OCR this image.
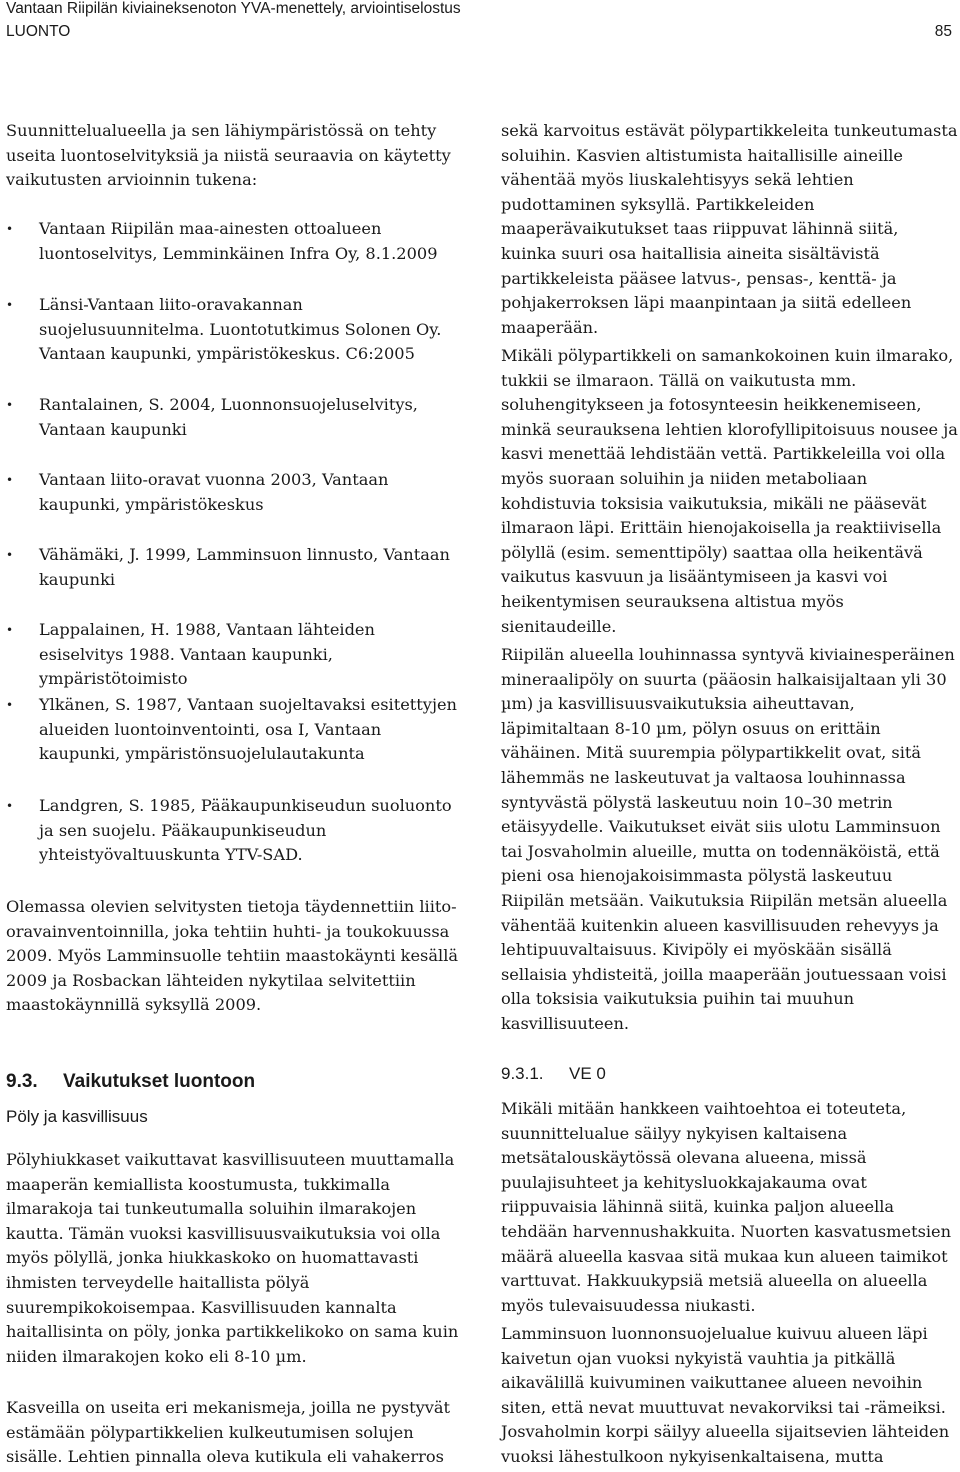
Vantaan Riipilän kiviaineksenoton YVA-menettely, arviointiselostus
LUONTO	85

Suunnittelualueella ja sen lähiympäristössä on tehty useita luontoselvityksiä ja niistä seuraavia on käytetty vaikutusten arvioinnin tukena:

• Vantaan Riipilän maa-ainesten ottoalueen luontoselvitys, Lemminkäinen Infra Oy, 8.1.2009
• Länsi-Vantaan liito-oravakannan suojelusuunnitelma. Luontotutkimus Solonen Oy. Vantaan kaupunki, ympäristökeskus. C6:2005
• Rantalainen, S. 2004, Luonnonsuojeluselvitys, Vantaan kaupunki
• Vantaan liito-oravat vuonna 2003, Vantaan kaupunki, ympäristökeskus
• Vähämäki, J. 1999, Lamminsuon linnusto, Vantaan kaupunki
• Lappalainen, H. 1988, Vantaan lähteiden esiselvitys 1988. Vantaan kaupunki, ympäristötoimisto
• Ylkänen, S. 1987, Vantaan suojeltavaksi esitettyjen alueiden luontoinventointi, osa I, Vantaan kaupunki, ympäristönsuojelulautakunta
• Landgren, S. 1985, Pääkaupunkiseudun suoluonto ja sen suojelu. Pääkaupunkiseudun yhteistyövaltuuskunta YTV-SAD.

Olemassa olevien selvitysten tietoja täydennettiin liito-oravainventoinnilla, joka tehtiin huhti- ja toukokuussa 2009. Myös Lamminsuolle tehtiin maastokäynti kesällä 2009 ja Rosbackan lähteiden nykytilaa selvitettiin maastokäynnillä syksyllä 2009.

9.3. Vaikutukset luontoon
Pöly ja kasvillisuus

Pölyhiukkaset vaikuttavat kasvillisuuteen muuttamalla maaperän kemiallista koostumusta, tukkimalla ilmarakoja tai tunkeutumalla soluihin ilmarakojen kautta. Tämän vuoksi kasvillisuusvaikutuksia voi olla myös pölyllä, jonka hiukkaskoko on huomattavasti ihmisten terveydelle haitallista pölyä suurempikokoisempaa. Kasvillisuuden kannalta haitallisinta on pöly, jonka partikkelikoko on sama kuin niiden ilmarakojen koko eli 8-10 µm.

Kasveilla on useita eri mekanismeja, joilla ne pystyvät estämään pölypartikkelien kulkeutumisen solujen sisälle. Lehtien pinnalla oleva kutikula eli vahakerros

sekä karvoitus estävät pölypartikkeleita tunkeutumasta soluihin. Kasvien altistumista haitallisille aineille vähentää myös liuskalehtisyys sekä lehtien pudottaminen syksyllä. Partikkeleiden maaperävaikutukset taas riippuvat lähinnä siitä, kuinka suuri osa haitallisia aineita sisältävistä partikkeleista pääsee latvus-, pensas-, kenttä- ja pohjakerroksen läpi maanpintaan ja siitä edelleen maaperään.

Mikäli pölypartikkeli on samankokoinen kuin ilmarako, tukkii se ilmaraon. Tällä on vaikutusta mm. soluhengitykseen ja fotosynteesin heikkenemiseen, minkä seurauksena lehtien klorofyllipitoisuus nousee ja kasvi menettää lehdistään vettä. Partikkeleilla voi olla myös suoraan soluihin ja niiden metaboliaan kohdistuvia toksisia vaikutuksia, mikäli ne pääsevät ilmaraon läpi. Erittäin hienojakoisella ja reaktiivisella pölyllä (esim. sementtipöly) saattaa olla heikentävä vaikutus kasvuun ja lisääntymiseen ja kasvi voi heikentymisen seurauksena altistua myös sienitaudeille.

Riipilän alueella louhinnassa syntyvä kiviainesperäinen mineraalipöly on suurta (pääosin halkaisijaltaan yli 30 µm) ja kasvillisuusvaikutuksia aiheuttavan, läpimitaltaan 8-10 µm, pölyn osuus on erittäin vähäinen. Mitä suurempia pölypartikkelit ovat, sitä lähemmäs ne laskeutuvat ja valtaosa louhinnassa syntyvästä pölystä laskeutuu noin 10–30 metrin etäisyydelle. Vaikutukset eivät siis ulotu Lamminsuon tai Josvaholmin alueille, mutta on todennäköistä, että pieni osa hienojakoisimmasta pölystä laskeutuu Riipilän metsään. Vaikutuksia Riipilän metsän alueella vähentää kuitenkin alueen kasvillisuuden rehevyys ja lehtipuuvaltaisuus. Kivipöly ei myöskään sisällä sellaisia yhdisteitä, joilla maaperään joutuessaan voisi olla toksisia vaikutuksia puihin tai muuhun kasvillisuuteen.

9.3.1. VE 0

Mikäli mitään hankkeen vaihtoehtoa ei toteuteta, suunnittelualue säilyy nykyisen kaltaisena metsätalouskäytössä olevana alueena, missä puulajisuhteet ja kehitysluokkajakauma ovat riippuvaisia lähinnä siitä, kuinka paljon alueella tehdään harvennushakkuita. Nuorten kasvatusmetsien määrä alueella kasvaa sitä mukaa kun alueen taimikot varttuvat. Hakkuukypsiä metsiä alueella on alueella myös tulevaisuudessa niukasti.

Lamminsuon luonnonsuojelualue kuivuu alueen läpi kaivetun ojan vuoksi nykyistä vauhtia ja pitkällä aikavälillä kuivuminen vaikuttanee alueen nevoihin siten, että nevat muuttuvat nevakorviksi tai -rämeiksi. Josvaholmin korpi säilyy alueella sijaitsevien lähteiden vuoksi lähestulkoon nykyisenkaltaisena, mutta
